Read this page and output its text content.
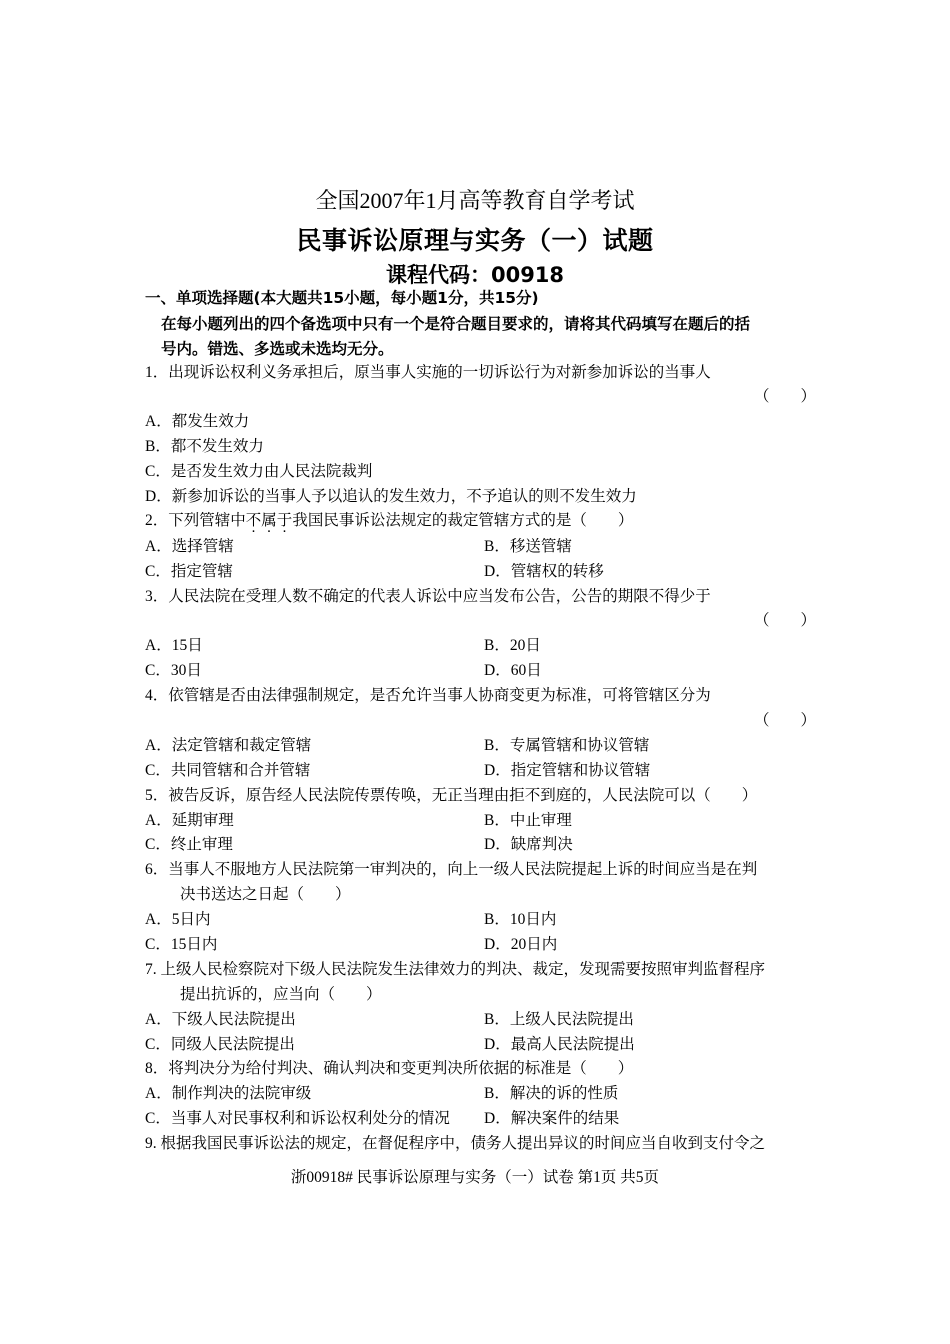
全国2007年1月高等教育自学考试
民事诉讼原理与实务（一）试题
课程代码：00918
一、单项选择题(本大题共15小题，每小题1分，共15分)
在每小题列出的四个备选项中只有一个是符合题目要求的，请将其代码填写在题后的括
号内。错选、多选或未选均无分。
1．出现诉讼权利义务承担后，原当事人实施的一切诉讼行为对新参加诉讼的当事人
（　　）
A．都发生效力
B．都不发生效力
C．是否发生效力由人民法院裁判
D．新参加诉讼的当事人予以追认的发生效力，不予追认的则不发生效力
2．下列管辖中不属于我国民事诉讼法规定的裁定管辖方式的是（　　）
A．选择管辖	B．移送管辖
C．指定管辖	D．管辖权的转移
3．人民法院在受理人数不确定的代表人诉讼中应当发布公告，公告的期限不得少于
（　　）
A．15日	B．20日
C．30日	D．60日
4．依管辖是否由法律强制规定，是否允许当事人协商变更为标准，可将管辖区分为
（　　）
A．法定管辖和裁定管辖	B．专属管辖和协议管辖
C．共同管辖和合并管辖	D．指定管辖和协议管辖
5．被告反诉，原告经人民法院传票传唤，无正当理由拒不到庭的，人民法院可以（　　）
A．延期审理	B．中止审理
C．终止审理	D．缺席判决
6．当事人不服地方人民法院第一审判决的，向上一级人民法院提起上诉的时间应当是在判
决书送达之日起（　　）
A．5日内	B．10日内
C．15日内	D．20日内
7. 上级人民检察院对下级人民法院发生法律效力的判决、裁定，发现需要按照审判监督程序
提出抗诉的，应当向（　　）
A．下级人民法院提出	B．上级人民法院提出
C．同级人民法院提出	D．最高人民法院提出
8．将判决分为给付判决、确认判决和变更判决所依据的标准是（　　）
A．制作判决的法院审级	B．解决的诉的性质
C．当事人对民事权利和诉讼权利处分的情况 D．解决案件的结果
9. 根据我国民事诉讼法的规定，在督促程序中，债务人提出异议的时间应当自收到支付令之
浙00918# 民事诉讼原理与实务（一）试卷 第1页 共5页
